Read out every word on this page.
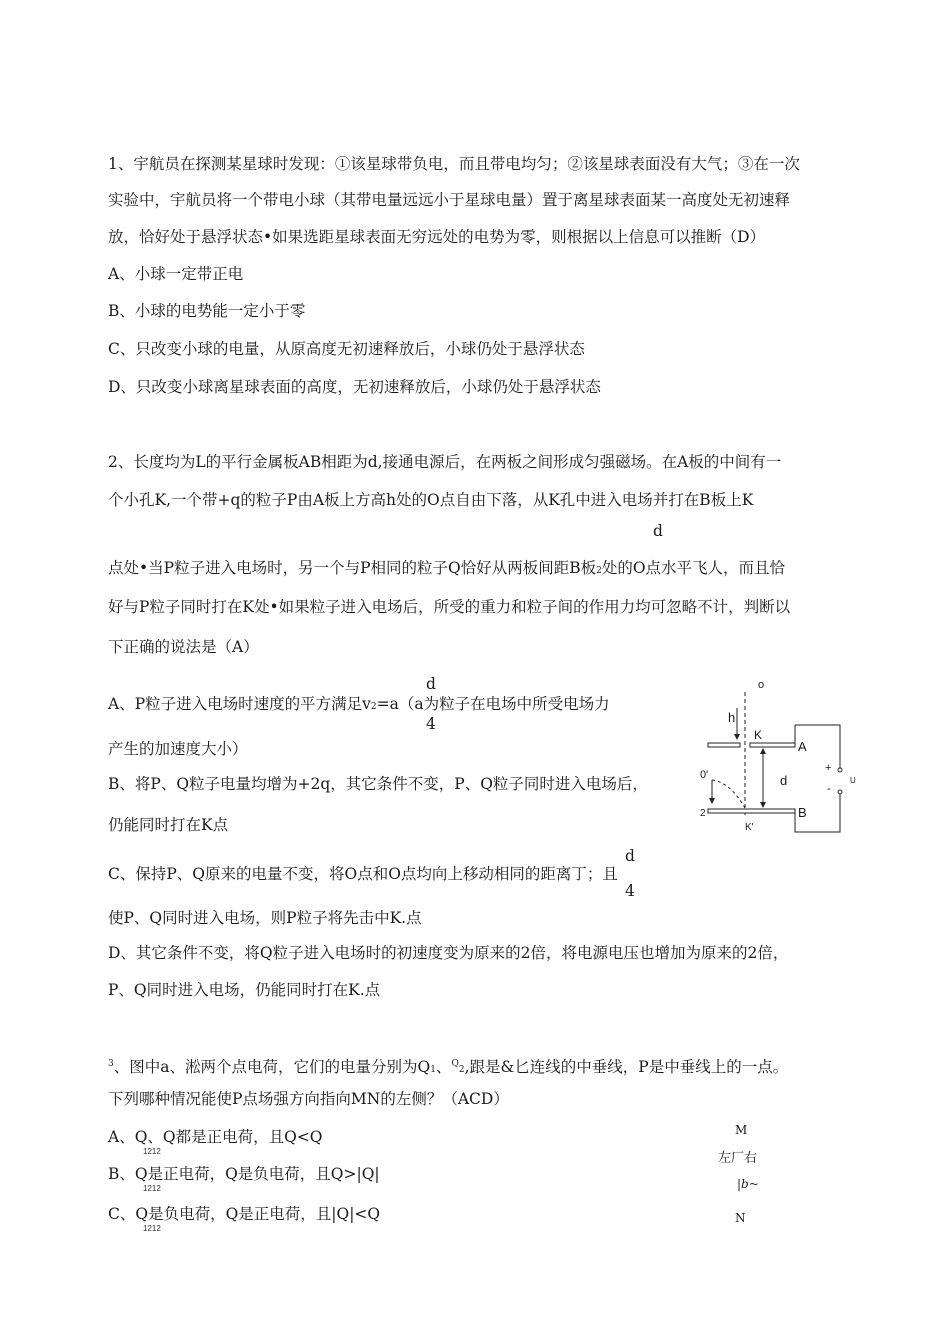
1、宇航员在探测某星球时发现：①该星球带负电，而且带电均匀；②该星球表面没有大气；③在一次
实验中，宇航员将一个带电小球（其带电量远远小于星球电量）置于离星球表面某一高度处无初速释
放，恰好处于悬浮状态•如果选距星球表面无穷远处的电势为零，则根据以上信息可以推断（D）
A、小球一定带正电
B、小球的电势能一定小于零
C、只改变小球的电量，从原高度无初速释放后，小球仍处于悬浮状态
D、只改变小球离星球表面的高度，无初速释放后，小球仍处于悬浮状态
2、长度均为L的平行金属板AB相距为d,接通电源后，在两板之间形成匀强磁场。在A板的中间有一
个小孔K,一个带+q的粒子P由A板上方高h处的O点自由下落，从K孔中进入电场并打在B板上K
d
点处•当P粒子进入电场时，另一个与P相同的粒子Q恰好从两板间距B板2处的O点水平飞人，而且恰
好与P粒子同时打在K处•如果粒子进入电场后，所受的重力和粒子间的作用力均可忽略不计，判断以
下正确的说法是（A）
d
A、P粒子进入电场时速度的平方满足v2=a（a为粒子在电场中所受电场力
4
产生的加速度大小）
B、将P、Q粒子电量均增为+2q，其它条件不变，P、Q粒子同时进入电场后，
仍能同时打在K点
d
C、保持P、Q原来的电量不变，将O点和O点均向上移动相同的距离丁；且
4
使P、Q同时进入电场，则P粒子将先击中K.点
D、其它条件不变，将Q粒子进入电场时的初速度变为原来的2倍，将电源电压也增加为原来的2倍，
P、Q同时进入电场，仍能同时打在K.点
o
h
K
A
B
d
0'
2
K'
+
-
U
$^3$、图中a、淞两个点电荷，它们的电量分别为Q1、$^Q$2,跟是&匕连线的中垂线，P是中垂线上的一点。
下列哪种情况能使P点场强方向指向MN的左侧？（ACD）
A、Q、Q都是正电荷，且Q<Q
1212
B、Q是正电荷，Q是负电荷，且Q>|Q|
1212
C、Q是负电荷，Q是正电荷，且|Q|<Q
1212
M
左厂右
|b~
N
